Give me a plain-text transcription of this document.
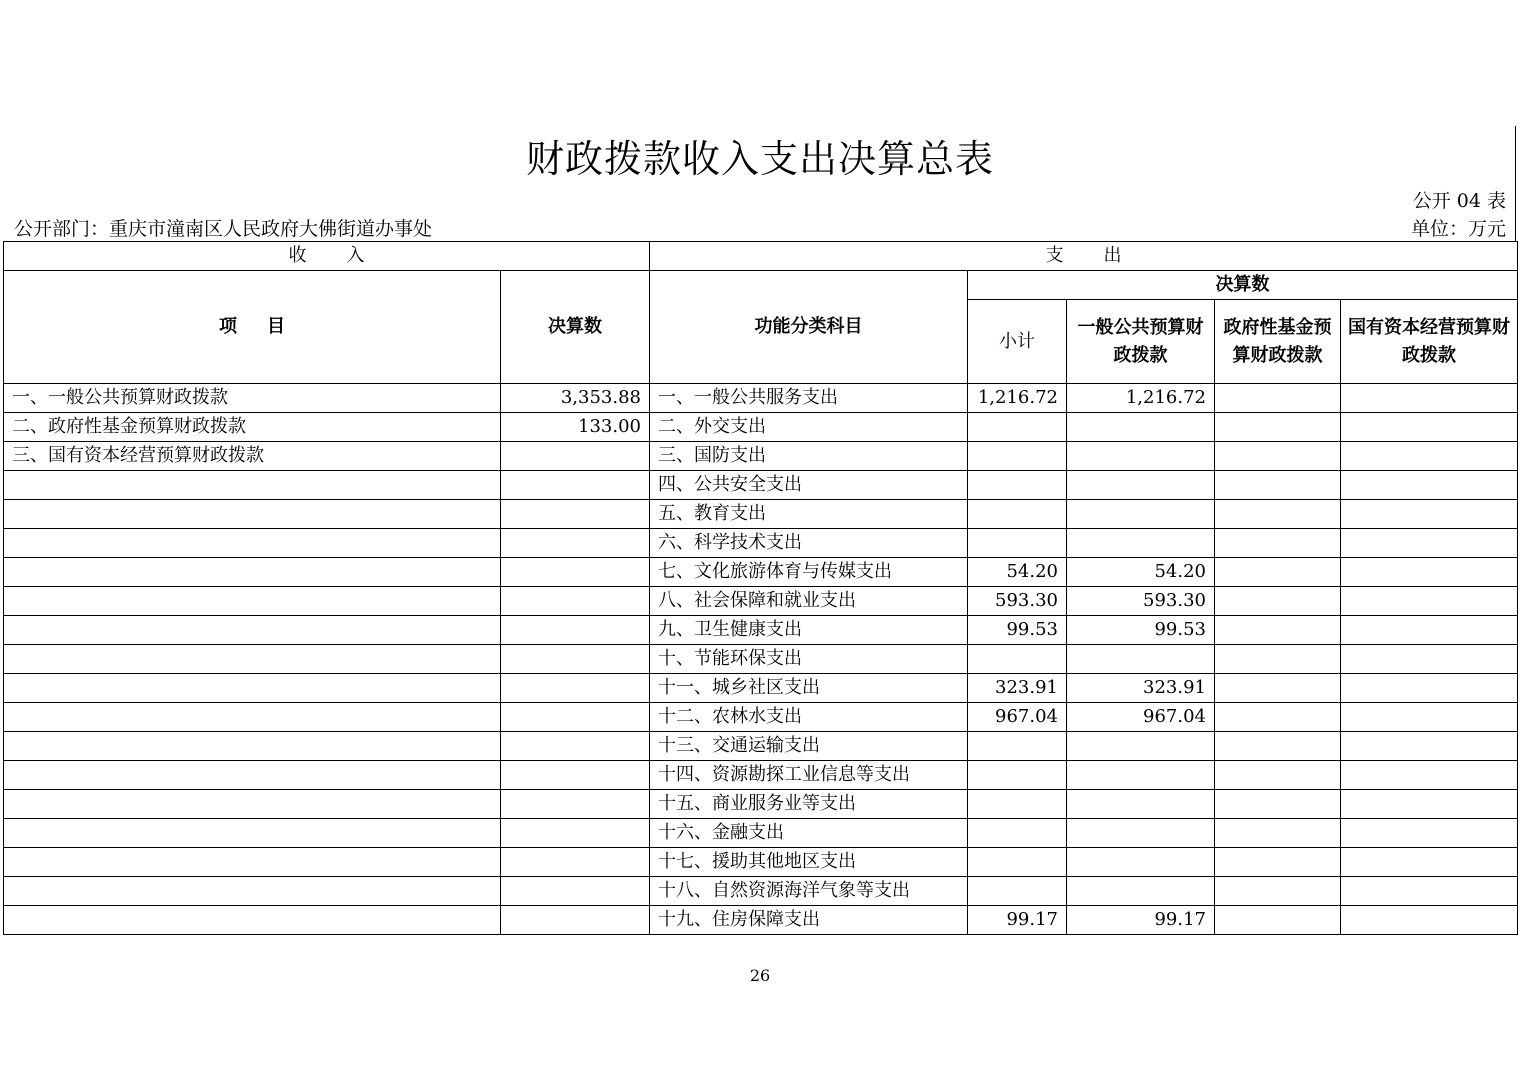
财政拨款收入支出决算总表
公开 04 表
公开部门：重庆市潼南区人民政府大佛街道办事处	单位：万元
收入		支出				
项目	决算数	功能分类科目	决算数			
			小计	一般公共预算财政拨款	政府性基金预算财政拨款	国有资本经营预算财政拨款
一、一般公共预算财政拨款	3,353.88	一、一般公共服务支出	1,216.72	1,216.72		
二、政府性基金预算财政拨款	133.00	二、外交支出				
三、国有资本经营预算财政拨款		三、国防支出				
		四、公共安全支出				
		五、教育支出				
		六、科学技术支出				
		七、文化旅游体育与传媒支出	54.20	54.20		
		八、社会保障和就业支出	593.30	593.30		
		九、卫生健康支出	99.53	99.53		
		十、节能环保支出				
		十一、城乡社区支出	323.91	323.91		
		十二、农林水支出	967.04	967.04		
		十三、交通运输支出				
		十四、资源勘探工业信息等支出				
		十五、商业服务业等支出				
		十六、金融支出				
		十七、援助其他地区支出				
		十八、自然资源海洋气象等支出				
		十九、住房保障支出	99.17	99.17		
26
